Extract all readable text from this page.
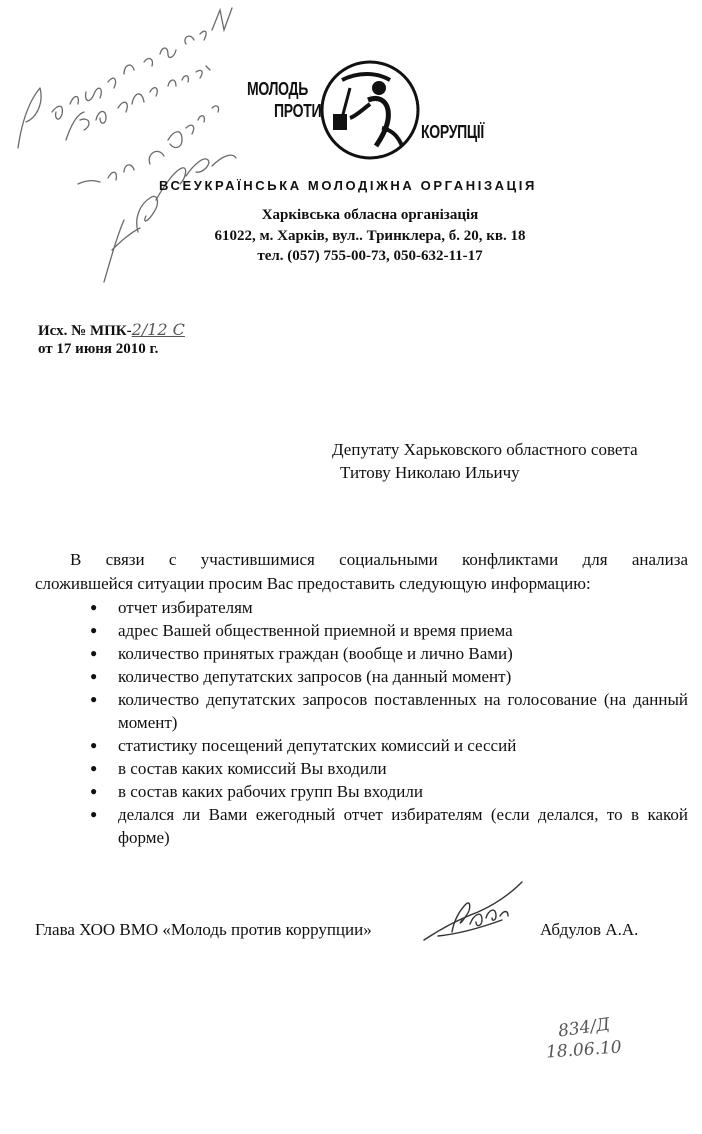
МОЛОДЬ
ПРОТИ
КОРУПЦІЇ
ВСЕУКРАЇНСЬКА МОЛОДІЖНА ОРГАНІЗАЦІЯ
Харківська обласна організація
61022, м. Харків, вул.. Тринклера, б. 20, кв. 18
тел. (057) 755-00-73, 050-632-11-17
Исх. № МПК-2/12 С
от 17 июня 2010 г.
Депутату Харьковского областного совета
Титову Николаю Ильичу
В связи с участившимися социальными конфликтами для анализа
сложившейся ситуации просим Вас предоставить следующую информацию:
● отчет избирателям
● адрес Вашей общественной приемной и время приема
● количество принятых граждан (вообще и лично Вами)
● количество депутатских запросов (на данный момент)
● количество депутатских запросов поставленных на голосование (на данный момент)
● статистику посещений депутатских комиссий и сессий
● в состав каких комиссий Вы входили
● в состав каких рабочих групп Вы входили
● делался ли Вами ежегодный отчет избирателям (если делался, то в какой форме)
Глава ХОО ВМО «Молодь против коррупции»	Абдулов А.А.
834/Д
18.06.10
